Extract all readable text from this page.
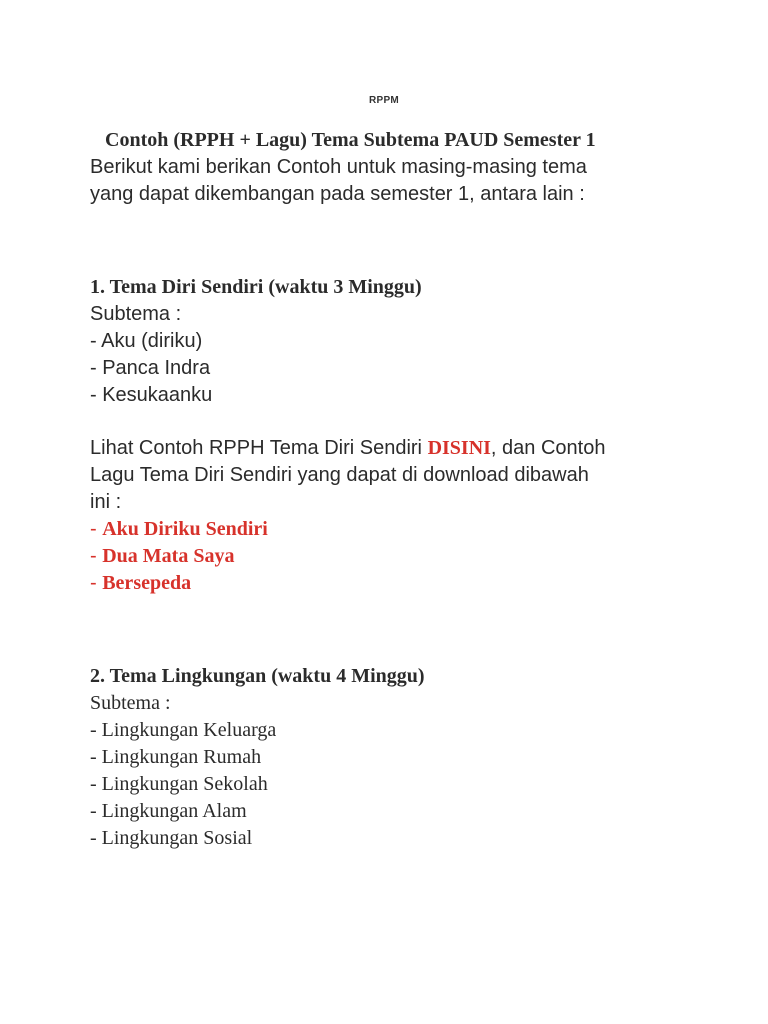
RPPM

Contoh (RPPH + Lagu) Tema Subtema PAUD Semester 1

Berikut kami berikan Contoh untuk masing-masing tema

yang dapat dikembangan pada semester 1, antara lain :

1. Tema Diri Sendiri (waktu 3 Minggu)

Subtema :

- Aku (diriku)

- Panca Indra

- Kesukaanku

Lihat Contoh RPPH Tema Diri Sendiri DISINI, dan Contoh

Lagu Tema Diri Sendiri yang dapat di download dibawah

ini :

- Aku Diriku Sendiri

- Dua Mata Saya

- Bersepeda

2. Tema Lingkungan (waktu 4 Minggu)

Subtema :

- Lingkungan Keluarga

- Lingkungan Rumah

- Lingkungan Sekolah

- Lingkungan Alam

- Lingkungan Sosial
